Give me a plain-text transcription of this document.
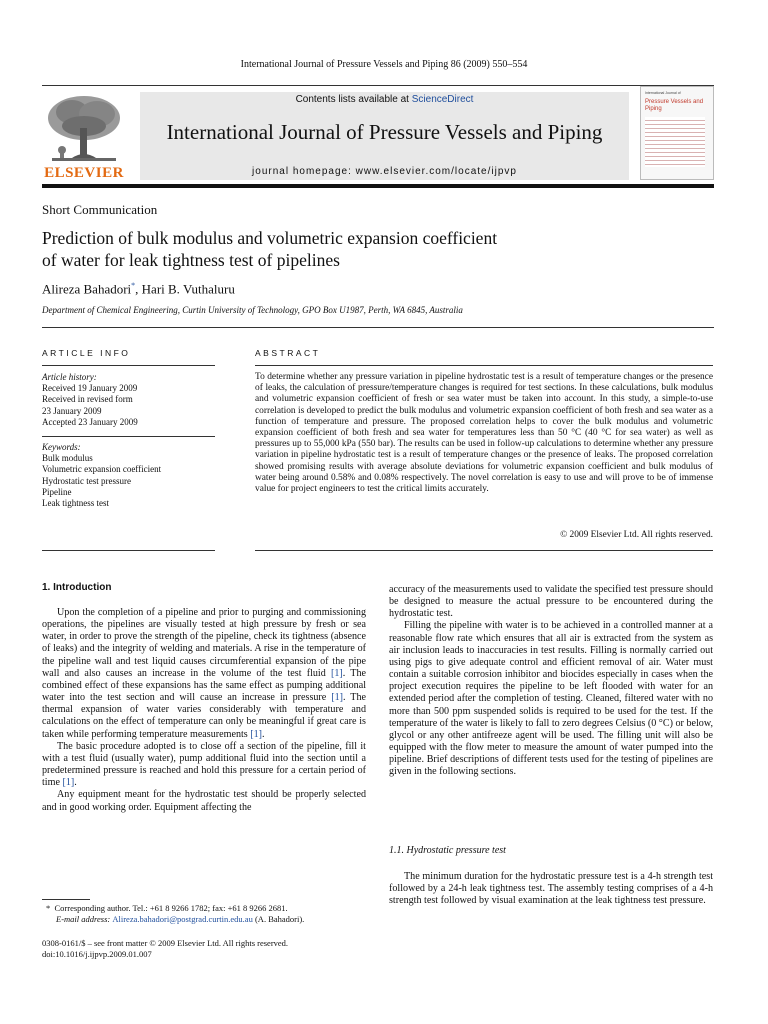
International Journal of Pressure Vessels and Piping 86 (2009) 550–554
ELSEVIER
Contents lists available at ScienceDirect
International Journal of Pressure Vessels and Piping
journal homepage: www.elsevier.com/locate/ijpvp
International Journal of
Pressure Vessels and Piping
Short Communication
Prediction of bulk modulus and volumetric expansion coefficient
of water for leak tightness test of pipelines
Alireza Bahadori*, Hari B. Vuthaluru
Department of Chemical Engineering, Curtin University of Technology, GPO Box U1987, Perth, WA 6845, Australia
ARTICLE INFO
Article history:
Received 19 January 2009
Received in revised form
23 January 2009
Accepted 23 January 2009
Keywords:
Bulk modulus
Volumetric expansion coefficient
Hydrostatic test pressure
Pipeline
Leak tightness test
ABSTRACT
To determine whether any pressure variation in pipeline hydrostatic test is a result of temperature changes or the presence of leaks, the calculation of pressure/temperature changes is required for test sections. In these calculations, bulk modulus and volumetric expansion coefficient of fresh or sea water must be taken into account. In this study, a simple-to-use correlation is developed to predict the bulk modulus and volumetric expansion coefficient of both fresh and sea water as a function of temperature and pressure. The proposed correlation helps to cover the bulk modulus and volumetric expansion coefficient of both fresh and sea water for temperatures less than 50 °C (40 °C for sea water) as well as pressures up to 55,000 kPa (550 bar). The results can be used in follow-up calculations to determine whether any pressure variation in pipeline hydrostatic test is a result of temperature changes or the presence of leaks. The proposed correlation showed promising results with average absolute deviations for volumetric expansion coefficient and bulk modulus of water being around 0.58% and 0.08% respectively. The novel correlation is easy to use and will prove to be of immense value for project engineers to test the critical limits accurately.
© 2009 Elsevier Ltd. All rights reserved.
1. Introduction

Upon the completion of a pipeline and prior to purging and commissioning operations, the pipelines are visually tested at high pressure by fresh or sea water, in order to prove the strength of the pipeline, check its tightness (absence of leaks) and the integrity of welding and materials. A rise in the temperature of the pipeline wall and test liquid causes circumferential expansion of the pipe wall and also causes an increase in the volume of the test fluid [1]. The combined effect of these expansions has the same effect as pumping additional water into the test section and will cause an increase in pressure [1]. The thermal expansion of water varies considerably with temperature and calculations on the effect of temperature can only be meaningful if great care is taken while performing temperature measurements [1].

The basic procedure adopted is to close off a section of the pipeline, fill it with a test fluid (usually water), pump additional fluid into the section until a predetermined pressure is reached and hold this pressure for a certain period of time [1].

Any equipment meant for the hydrostatic test should be properly selected and in good working order. Equipment affecting the

accuracy of the measurements used to validate the specified test pressure should be designed to measure the actual pressure to be encountered during the hydrostatic test.

Filling the pipeline with water is to be achieved in a controlled manner at a reasonable flow rate which ensures that all air is extracted from the system as air inclusion leads to inaccuracies in test results. Filling is normally carried out using pigs to give adequate control and efficient removal of air. Water must contain a suitable corrosion inhibitor and biocides especially in cases when the project execution requires the pipeline to be left flooded with water for an extended period after the completion of testing. Cleaned, filtered water with no more than 500 ppm suspended solids is required to be used for the test. If the temperature of the water is likely to fall to zero degrees Celsius (0 °C) or below, glycol or any other antifreeze agent will be used. The filling unit will also be equipped with the flow meter to measure the amount of water pumped into the pipeline. Brief descriptions of different tests used for the testing of pipelines are given in the following sections.

1.1. Hydrostatic pressure test

The minimum duration for the hydrostatic pressure test is a 4-h strength test followed by a 24-h leak tightness test. The assembly testing comprises of a 4-h strength test followed by visual examination at the leak tightness test pressure.

* Corresponding author. Tel.: +61 8 9266 1782; fax: +61 8 9266 2681.
E-mail address: Alireza.bahadori@postgrad.curtin.edu.au (A. Bahadori).
0308-0161/$ – see front matter © 2009 Elsevier Ltd. All rights reserved.
doi:10.1016/j.ijpvp.2009.01.007
